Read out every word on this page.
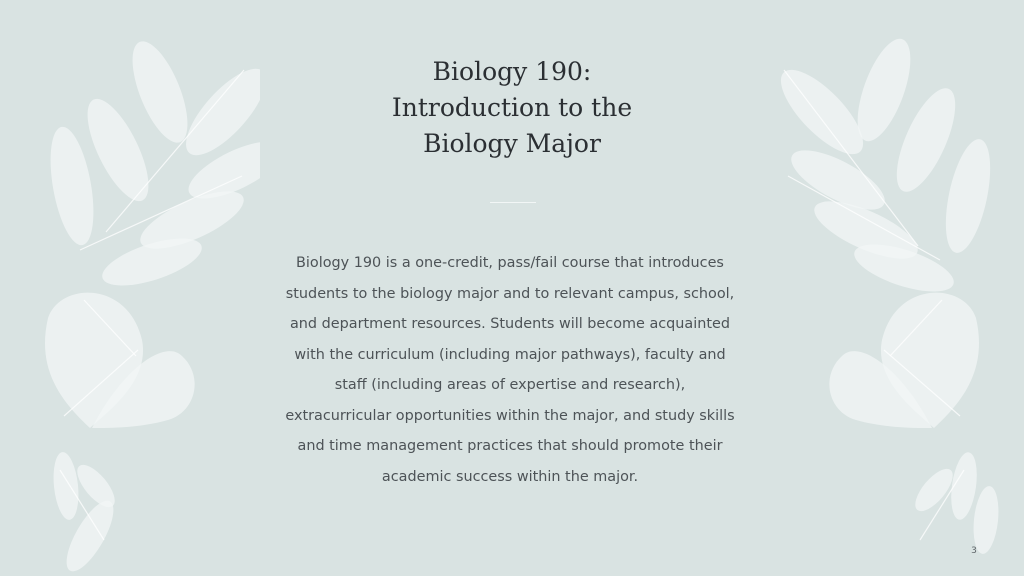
Biology 190:
Introduction to the
Biology Major
Biology 190 is a one-credit, pass/fail course that introduces
students to the biology major and to relevant campus, school,
and department resources. Students will become acquainted
with the curriculum (including major pathways), faculty and
staff (including areas of expertise and research),
extracurricular opportunities within the major, and study skills
and time management practices that should promote their
academic success within the major.
3
